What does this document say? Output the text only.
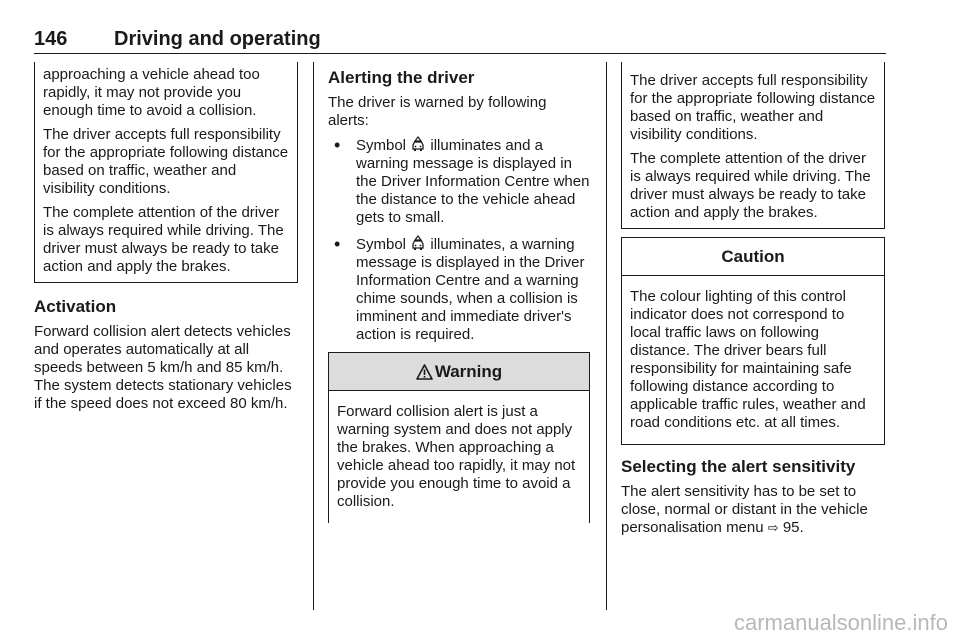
146 Driving and operating

approaching a vehicle ahead too rapidly, it may not provide you enough time to avoid a collision.

The driver accepts full responsibility for the appropriate following distance based on traffic, weather and visibility conditions.

The complete attention of the driver is always required while driving. The driver must always be ready to take action and apply the brakes.

Activation

Forward collision alert detects vehicles and operates automatically at all speeds between 5 km/h and 85 km/h. The system detects stationary vehicles if the speed does not exceed 80 km/h.

Alerting the driver

The driver is warned by following alerts:

• Symbol illuminates and a warning message is displayed in the Driver Information Centre when the distance to the vehicle ahead gets to small.
• Symbol illuminates, a warning message is displayed in the Driver Information Centre and a warning chime sounds, when a collision is imminent and immediate driver's action is required.
Warning

Forward collision alert is just a warning system and does not apply the brakes. When approaching a vehicle ahead too rapidly, it may not provide you enough time to avoid a collision.

The driver accepts full responsibility for the appropriate following distance based on traffic, weather and visibility conditions.

The complete attention of the driver is always required while driving. The driver must always be ready to take action and apply the brakes.

Caution

The colour lighting of this control indicator does not correspond to local traffic laws on following distance. The driver bears full responsibility for maintaining safe following distance according to applicable traffic rules, weather and road conditions etc. at all times.

Selecting the alert sensitivity

The alert sensitivity has to be set to close, normal or distant in the vehicle personalisation menu ⇨ 95.

carmanualsonline.info
